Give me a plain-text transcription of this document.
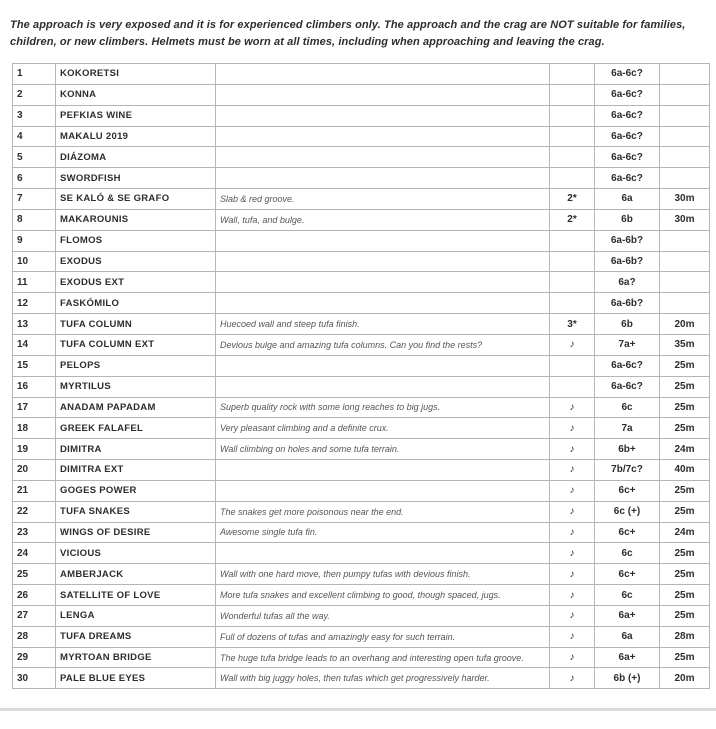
The approach is very exposed and it is for experienced climbers only. The approach and the crag are NOT suitable for families, children, or new climbers. Helmets must be worn at all times, including when approaching and leaving the crag.

1	KOKORETSI			6a-6c?	
2	KONNA			6a-6c?	
3	PEFKIAS WINE			6a-6c?	
4	MAKALU 2019			6a-6c?	
5	DIÁZOMA			6a-6c?	
6	SWORDFISH			6a-6c?	
7	SE KALÓ & SE GRAFO	Slab & red groove.	2*	6a	30m
8	MAKAROUNIS	Wall, tufa, and bulge.	2*	6b	30m
9	FLOMOS			6a-6b?	
10	EXODUS			6a-6b?	
11	EXODUS EXT			6a?	
12	FASKÓMILO			6a-6b?	
13	TUFA COLUMN	Huecoed wall and steep tufa finish.	3*	6b	20m
14	TUFA COLUMN EXT	Devious bulge and amazing tufa columns. Can you find the rests?	♪	7a+	35m
15	PELOPS			6a-6c?	25m
16	MYRTILUS			6a-6c?	25m
17	ANADAM PAPADAM	Superb quality rock with some long reaches to big jugs.	♪	6c	25m
18	GREEK FALAFEL	Very pleasant climbing and a definite crux.	♪	7a	25m
19	DIMITRA	Wall climbing on holes and some tufa terrain.	♪	6b+	24m
20	DIMITRA EXT		♪	7b/7c?	40m
21	GOGES POWER		♪	6c+	25m
22	TUFA SNAKES	The snakes get more poisonous near the end.	♪	6c (+)	25m
23	WINGS OF DESIRE	Awesome single tufa fin.	♪	6c+	24m
24	VICIOUS		♪	6c	25m
25	AMBERJACK	Wall with one hard move, then pumpy tufas with devious finish.	♪	6c+	25m
26	SATELLITE OF LOVE	More tufa snakes and excellent climbing to good, though spaced, jugs.	♪	6c	25m
27	LENGA	Wonderful tufas all the way.	♪	6a+	25m
28	TUFA DREAMS	Full of dozens of tufas and amazingly easy for such terrain.	♪	6a	28m
29	MYRTOAN BRIDGE	The huge tufa bridge leads to an overhang and interesting open tufa groove.	♪	6a+	25m
30	PALE BLUE EYES	Wall with big juggy holes, then tufas which get progressively harder.	♪	6b (+)	20m
